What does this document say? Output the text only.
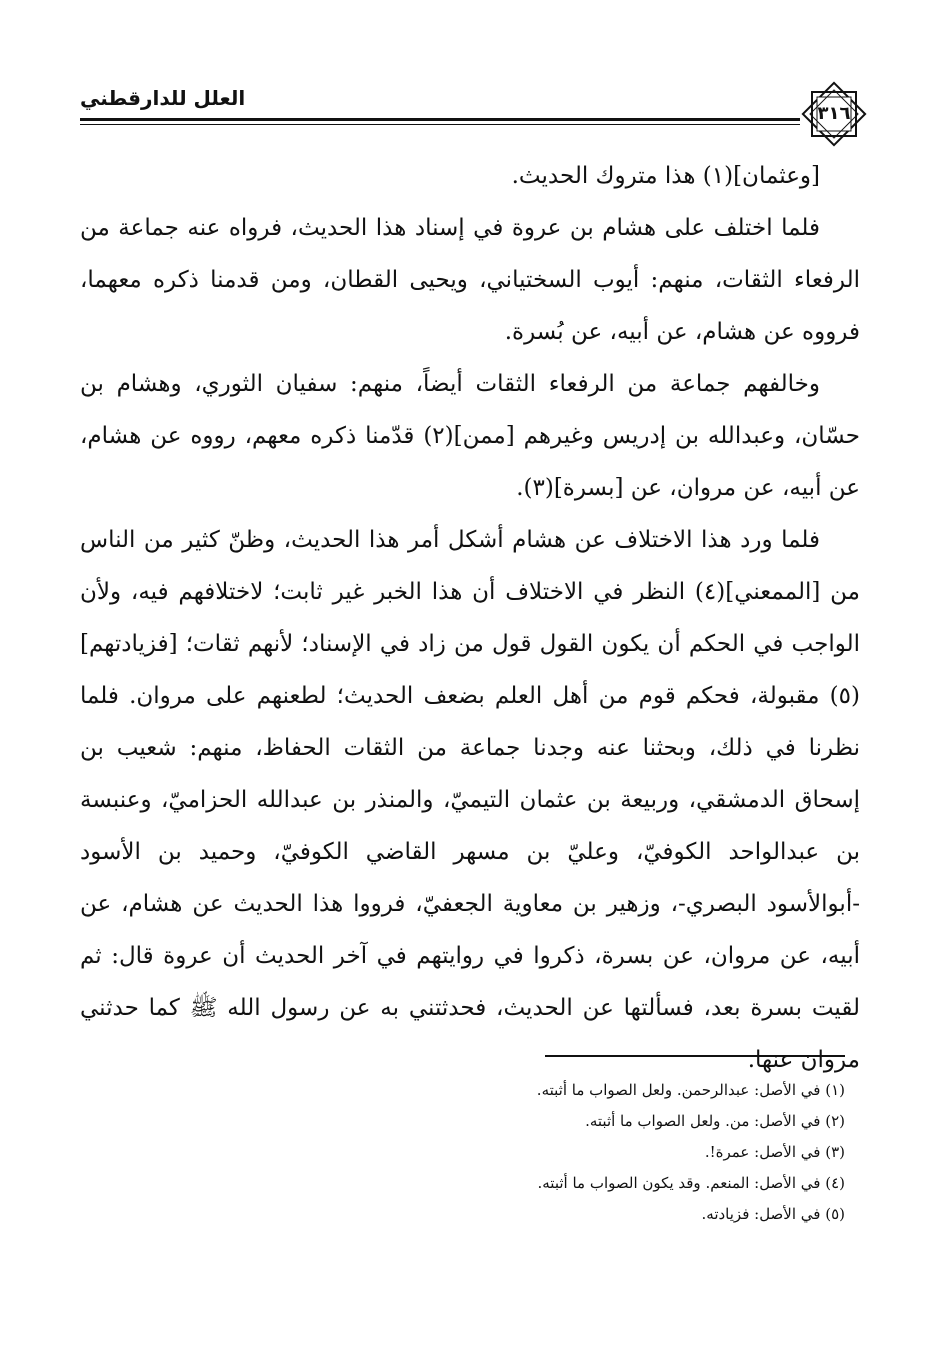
العلل للدارقطني
٣١٦

[وعثمان](١) هذا متروك الحديث.

فلما اختلف على هشام بن عروة في إسناد هذا الحديث، فرواه عنه جماعة من الرفعاء الثقات، منهم: أيوب السختياني، ويحيى القطان، ومن قدمنا ذكره معهما، فرووه عن هشام، عن أبيه، عن بُسرة.

وخالفهم جماعة من الرفعاء الثقات أيضاً، منهم: سفيان الثوري، وهشام بن حسّان، وعبدالله بن إدريس وغيرهم [ممن](٢) قدّمنا ذكره معهم، رووه عن هشام، عن أبيه، عن مروان، عن [بسرة](٣).

فلما ورد هذا الاختلاف عن هشام أشكل أمر هذا الحديث، وظنّ كثير من الناس من [الممعني](٤) النظر في الاختلاف أن هذا الخبر غير ثابت؛ لاختلافهم فيه، ولأن الواجب في الحكم أن يكون القول قول من زاد في الإسناد؛ لأنهم ثقات؛ [فزيادتهم](٥) مقبولة، فحكم قوم من أهل العلم بضعف الحديث؛ لطعنهم على مروان. فلما نظرنا في ذلك، وبحثنا عنه وجدنا جماعة من الثقات الحفاظ، منهم: شعيب بن إسحاق الدمشقي، وربيعة بن عثمان التيميّ، والمنذر بن عبدالله الحزاميّ، وعنبسة بن عبدالواحد الكوفيّ، وعليّ بن مسهر القاضي الكوفيّ، وحميد بن الأسود -أبوالأسود البصري-، وزهير بن معاوية الجعفيّ، فرووا هذا الحديث عن هشام، عن أبيه، عن مروان، عن بسرة، ذكروا في روايتهم في آخر الحديث أن عروة قال: ثم لقيت بسرة بعد، فسألتها عن الحديث، فحدثتني به عن رسول الله ﷺ كما حدثني مروان عنها.

(١) في الأصل: عبدالرحمن. ولعل الصواب ما أثبته.

(٢) في الأصل: من. ولعل الصواب ما أثبته.

(٣) في الأصل: عمرة!.

(٤) في الأصل: المنعم. وقد يكون الصواب ما أثبته.

(٥) في الأصل: فزيادته.
